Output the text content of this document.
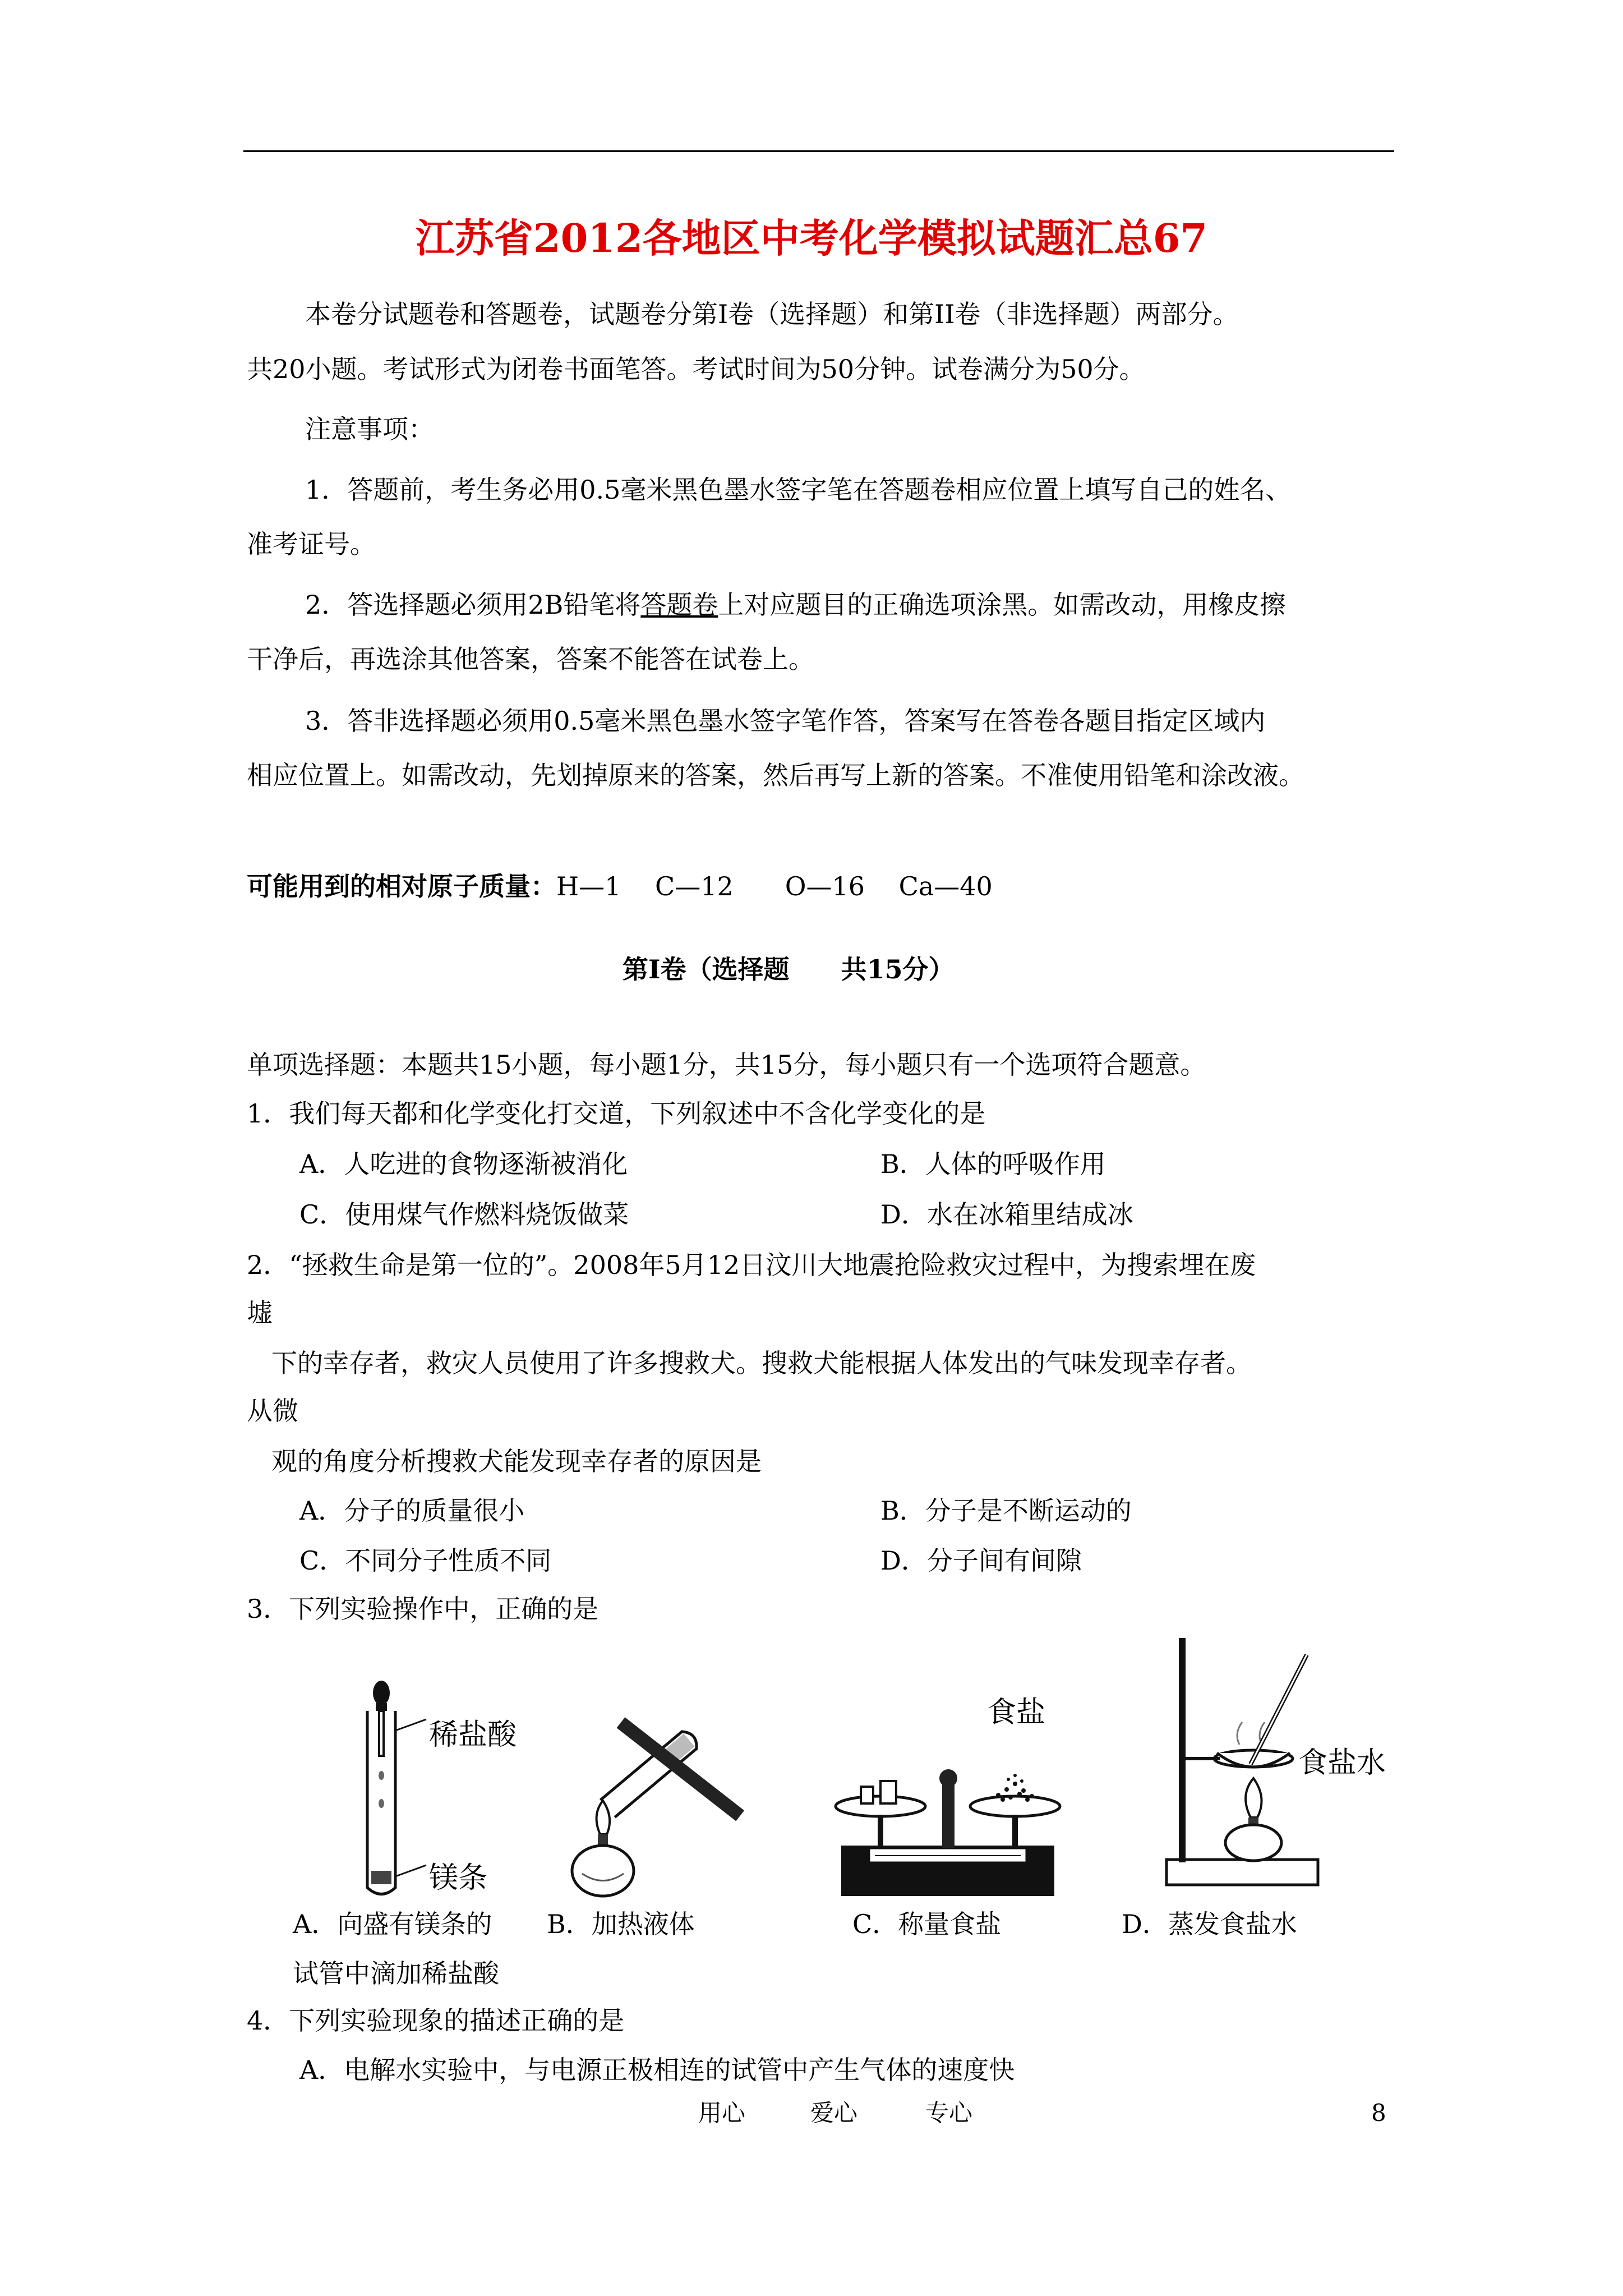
江苏省2012各地区中考化学模拟试题汇总67
本卷分试题卷和答题卷，试题卷分第Ⅰ卷（选择题）和第II卷（非选择题）两部分。
共20小题。考试形式为闭卷书面笔答。考试时间为50分钟。试卷满分为50分。
注意事项：
1．答题前，考生务必用0.5毫米黑色墨水签字笔在答题卷相应位置上填写自己的姓名、
准考证号。
2．答选择题必须用2B铅笔将答题卷上对应题目的正确选项涂黑。如需改动，用橡皮擦
干净后，再选涂其他答案，答案不能答在试卷上。
3．答非选择题必须用0.5毫米黑色墨水签字笔作答，答案写在答卷各题目指定区域内
相应位置上。如需改动，先划掉原来的答案，然后再写上新的答案。不准使用铅笔和涂改液。
可能用到的相对原子质量：H—1　 C—12　　O—16　 Ca—40
第Ⅰ卷（选择题　　共15分）
单项选择题：本题共15小题，每小题1分，共15分，每小题只有一个选项符合题意。
1．我们每天都和化学变化打交道，下列叙述中不含化学变化的是
A．人吃进的食物逐渐被消化	B．人体的呼吸作用
C．使用煤气作燃料烧饭做菜	D．水在冰箱里结成冰
2．“拯救生命是第一位的”。2008年5月12日汶川大地震抢险救灾过程中，为搜索埋在废
墟
下的幸存者，救灾人员使用了许多搜救犬。搜救犬能根据人体发出的气味发现幸存者。
从微
观的角度分析搜救犬能发现幸存者的原因是
A．分子的质量很小	B．分子是不断运动的
C．不同分子性质不同	D．分子间有间隙
3．下列实验操作中，正确的是
稀盐酸
镁条
食盐
食盐水
A．向盛有镁条的
试管中滴加稀盐酸
B．加热液体	C．称量食盐	D．蒸发食盐水
4．下列实验现象的描述正确的是
A．电解水实验中，与电源正极相连的试管中产生气体的速度快
用心	爱心	专心	8
